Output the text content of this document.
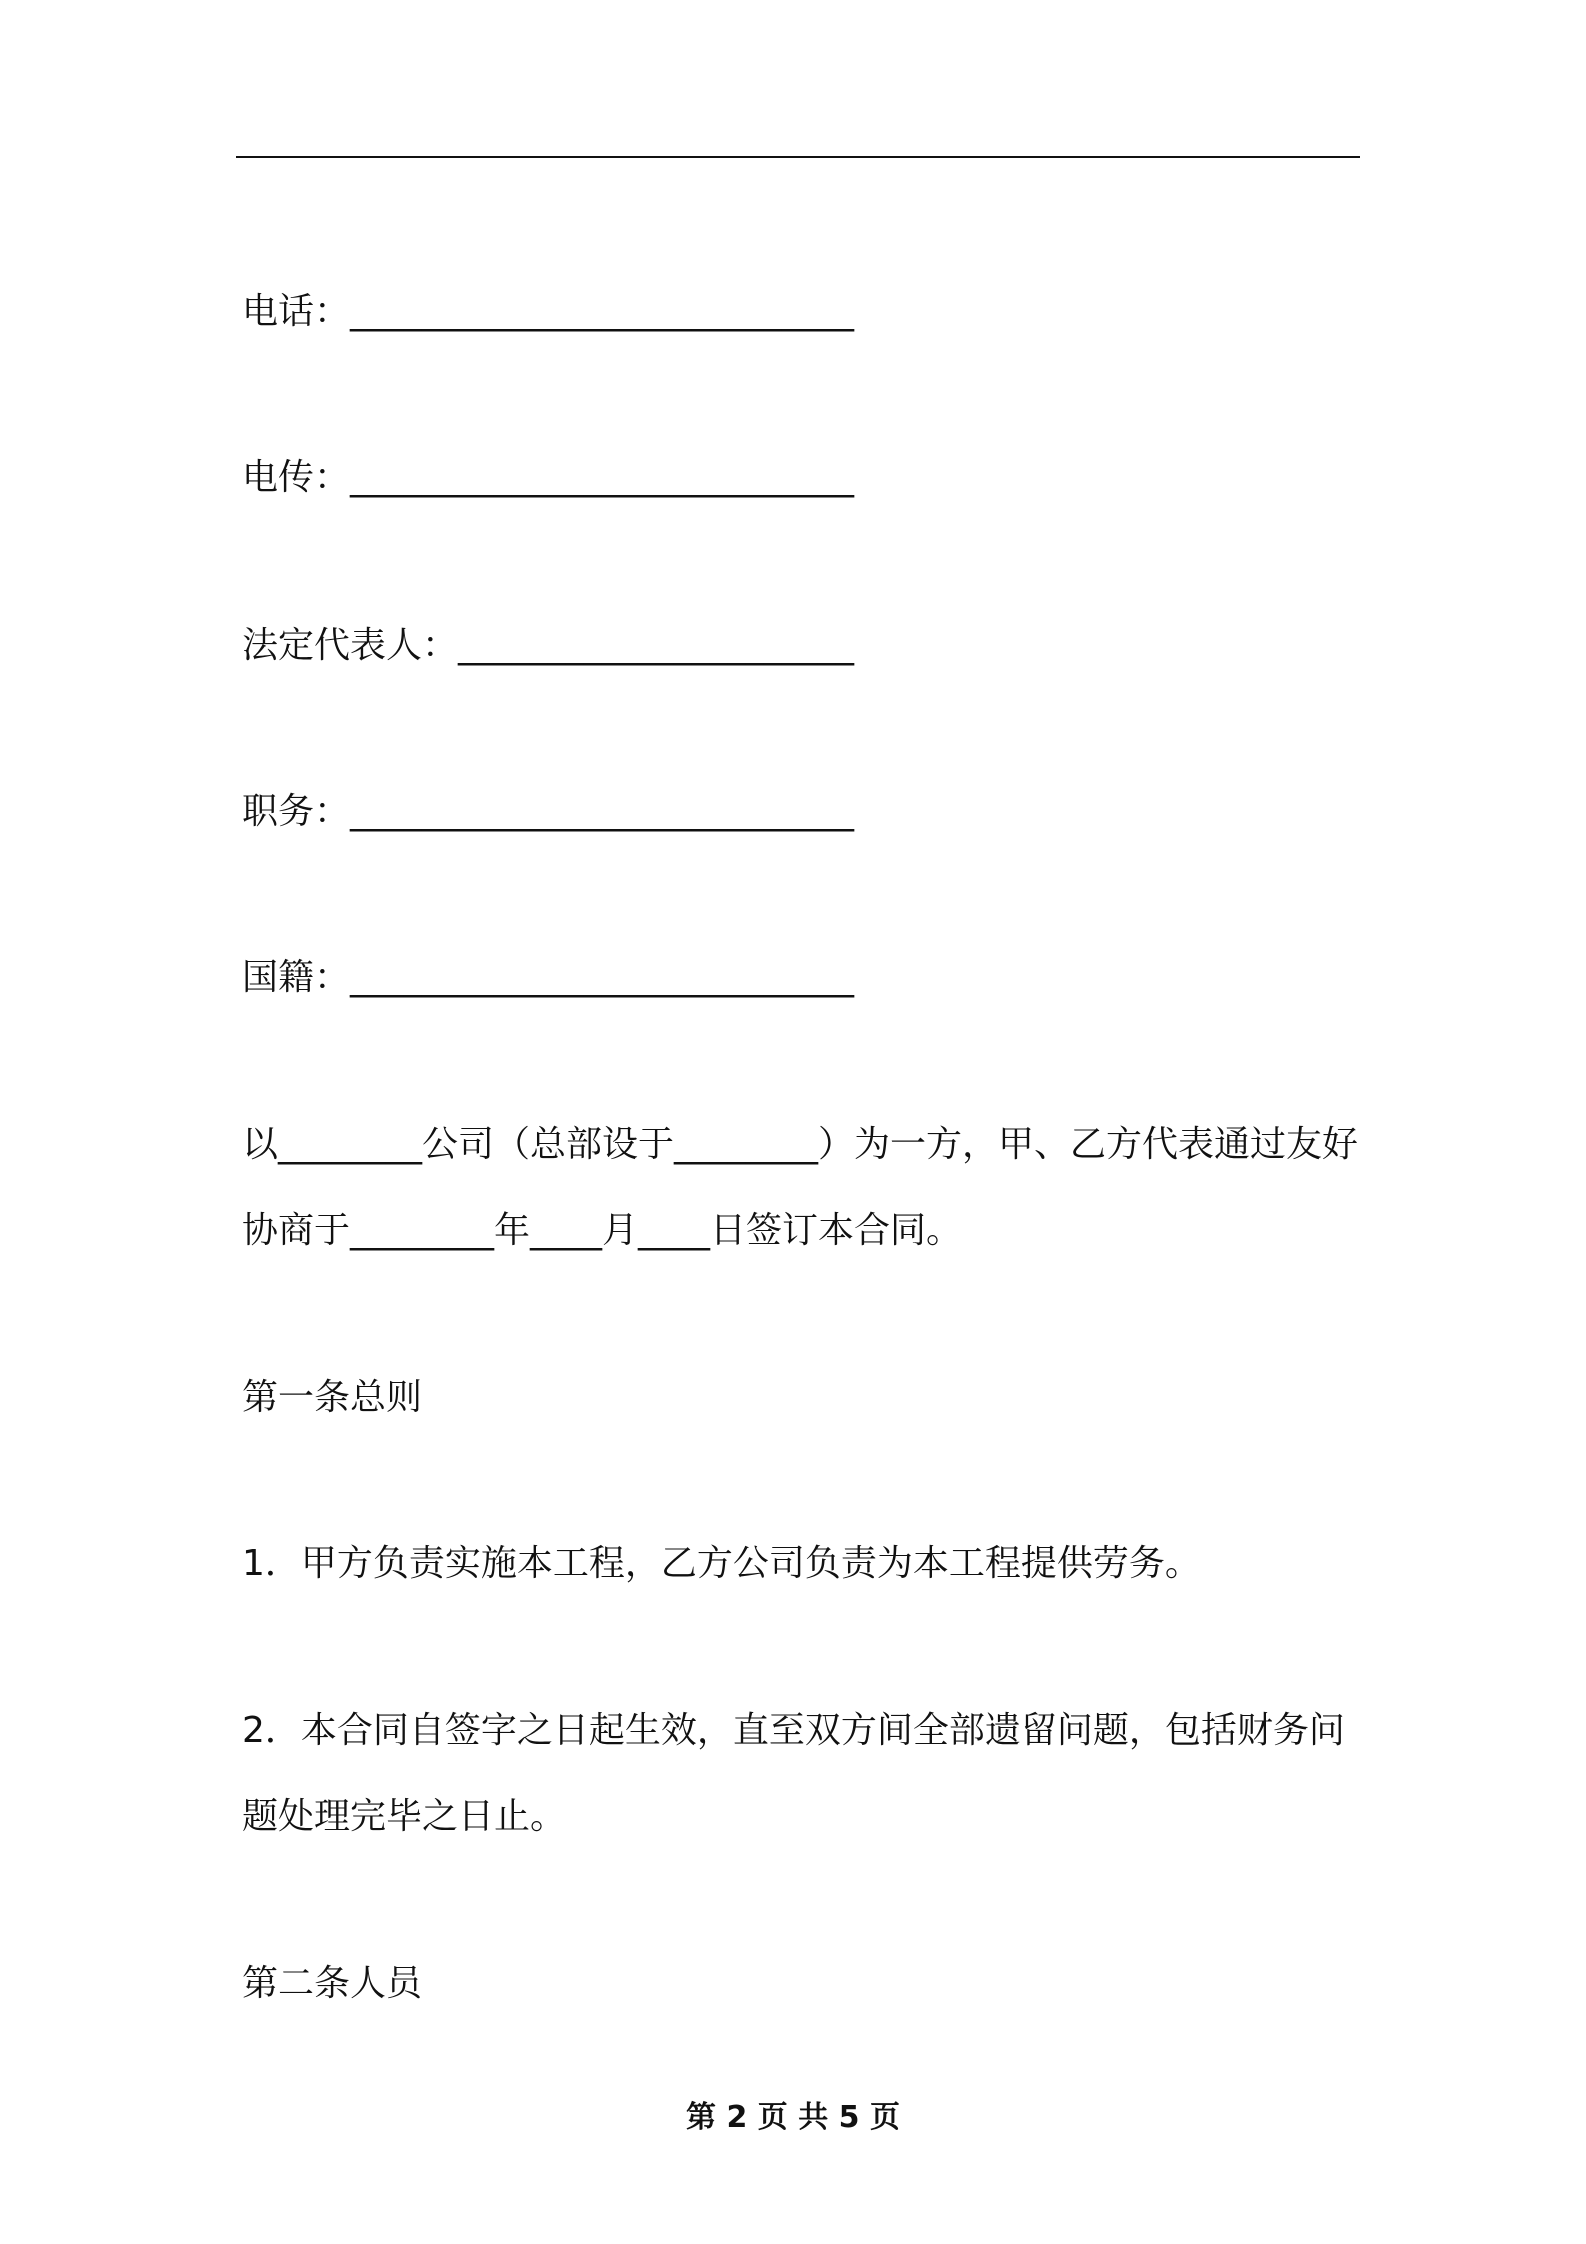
电话：____________________________
电传：____________________________
法定代表人：______________________
职务：____________________________
国籍：____________________________
以________公司（总部设于________）为一方，甲、乙方代表通过友好协商于________年____月____日签订本合同。
第一条总则
1．甲方负责实施本工程，乙方公司负责为本工程提供劳务。
2．本合同自签字之日起生效，直至双方间全部遗留问题，包括财务问题处理完毕之日止。
第二条人员
第 2 页 共 5 页
